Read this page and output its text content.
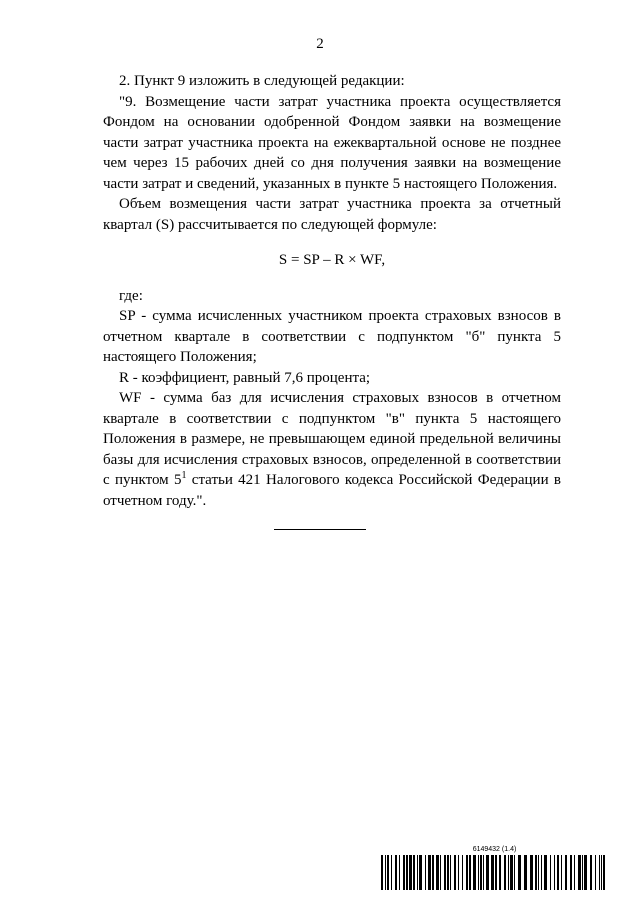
2

2. Пункт 9 изложить в следующей редакции:

"9. Возмещение части затрат участника проекта осуществляется Фондом на основании одобренной Фондом заявки на возмещение части затрат участника проекта на ежеквартальной основе не позднее чем через 15 рабочих дней со дня получения заявки на возмещение части затрат и сведений, указанных в пункте 5 настоящего Положения.

Объем возмещения части затрат участника проекта за отчетный квартал (S) рассчитывается по следующей формуле:

S = SP – R × WF,

где:

SP - сумма исчисленных участником проекта страховых взносов в отчетном квартале в соответствии с подпунктом "б" пункта 5 настоящего Положения;

R - коэффициент, равный 7,6 процента;

WF - сумма баз для исчисления страховых взносов в отчетном квартале в соответствии с подпунктом "в" пункта 5 настоящего Положения в размере, не превышающем единой предельной величины базы для исчисления страховых взносов, определенной в соответствии с пунктом $5^1$ статьи 421 Налогового кодекса Российской Федерации в отчетном году.".

6149432 (1.4)
